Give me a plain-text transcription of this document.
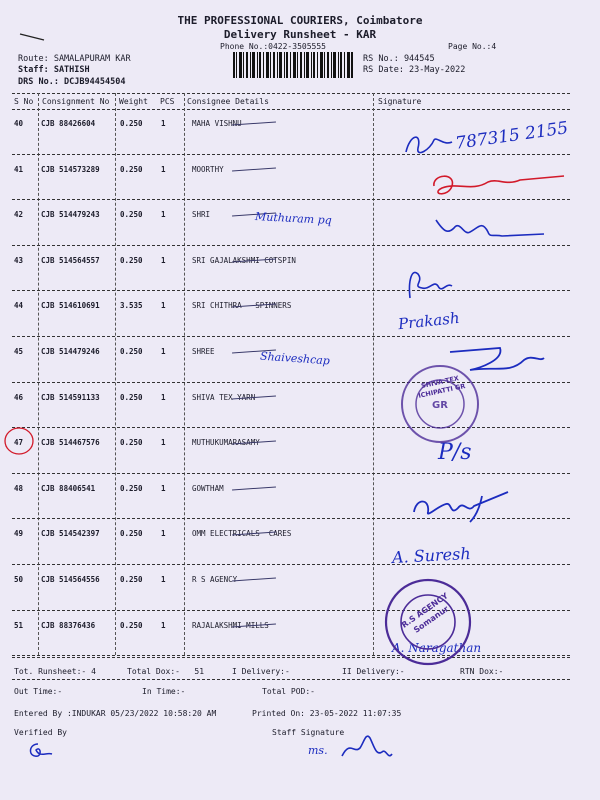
THE PROFESSIONAL COURIERS, Coimbatore
Delivery Runsheet - KAR
Phone No.:0422-3505555	Page No.:4
Route: SAMALAPURAM KAR
Staff: SATHISH
DRS No.: DCJB94454504
RS No.: 944545
RS Date: 23-May-2022
S No Consignment No Weight PCS Consignee Details	Signature
40 CJB 88426604	0.250 1	MAHA VISHNU
41 CJB 514573289	0.250 1	MOORTHY
42 CJB 514479243	0.250 1	SHRI
43 CJB 514564557	0.250 1	SRI GAJALAKSHMI COTSPIN
44 CJB 514610691	3.535 1	SRI CHITHRA   SPINNERS
45 CJB 514479246	0.250 1	SHREE
46 CJB 514591133	0.250 1	SHIVA TEX YARN
47 CJB 514467576	0.250 1	MUTHUKUMARASAMY
48 CJB 88406541	0.250 1	GOWTHAM
49 CJB 514542397	0.250 1	OMM ELECTRICALS  CARES
50 CJB 514564556	0.250 1	R S AGENCY
51 CJB 88376436	0.250 1	RAJALAKSHMI MILLS
Tot. Runsheet:- 4	Total Dox:-   51	I Delivery:-	II Delivery:-	RTN Dox:-
Out Time:-	In Time:-	Total POD:-
Entered By :INDUKAR 05/23/2022 10:58:20 AM	Printed On: 23-05-2022 11:07:35
Verified By	Staff Signature
787315 2155
Muthuram pq
Shaiveshcap
Prakash
P/s
A. Suresh
A. Naragathan
ms.
GR
SHIVA TEX ICHIPATTI GR
R.S AGENCY Somanur
